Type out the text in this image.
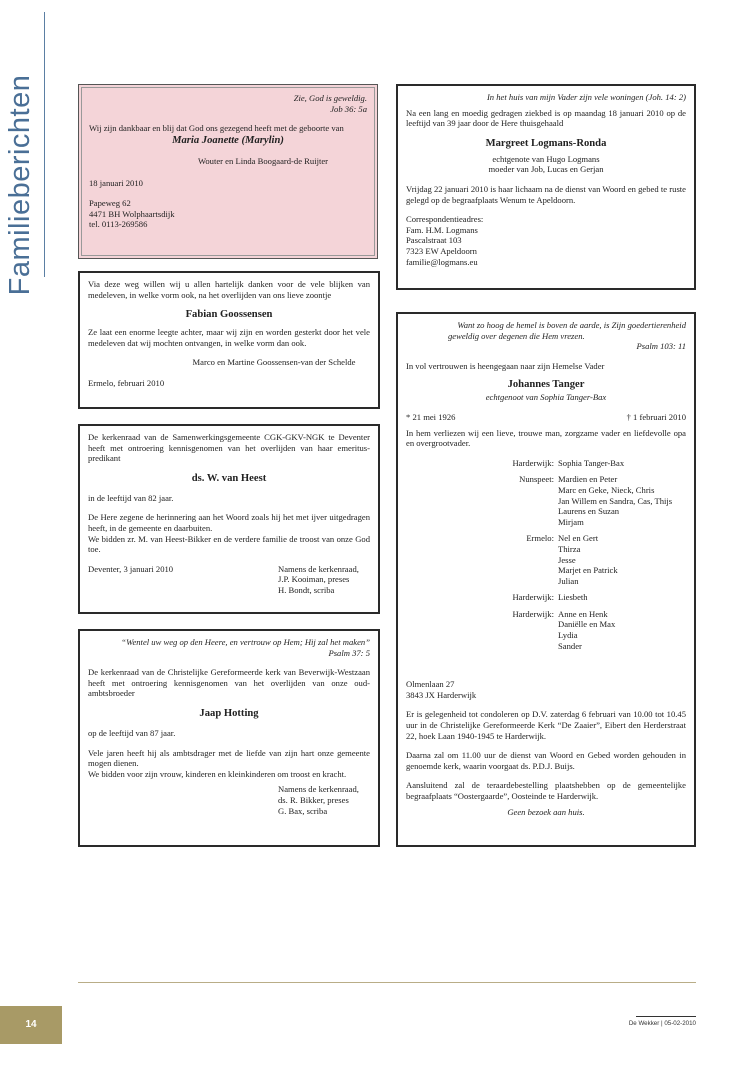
Familieberichten	Zie, God is geweldig.

Job 36: 5a

Wij zijn dankbaar en blij dat God ons gezegend heeft met de geboorte van

Maria Joanette (Marylin)

Wouter en Linda Boogaard-de Ruijter

18 januari 2010

Papeweg 62

4471 BH Wolphaartsdijk

tel. 0113-269586

Via deze weg willen wij u allen hartelijk danken voor de vele blijken van medeleven, in welke vorm ook, na het overlijden van ons lieve zoontje

Fabian Goossensen

Ze laat een enorme leegte achter, maar wij zijn en worden gesterkt door het vele medeleven dat wij mochten ontvangen, in welke vorm dan ook.

Marco en Martine Goossensen-van der Schelde

Ermelo, februari 2010

De kerkenraad van de Samenwerkingsgemeente CGK-GKV-NGK te Deventer heeft met ontroering kennisgenomen van het overlijden van haar emerituspredikant

ds. W. van Heest

in de leeftijd van 82 jaar.

De Here zegene de herinnering aan het Woord zoals hij het met ijver uitgedragen heeft, in de gemeente en daarbuiten.

We bidden zr. M. van Heest-Bikker en de verdere familie de troost van onze God toe.

Deventer, 3 januari 2010	Namens de kerkenraad,

J.P. Kooiman, preses

H. Bondt, scriba

“Wentel uw weg op den Heere, en vertrouw op Hem; Hij zal het maken”

Psalm 37: 5

De kerkenraad van de Christelijke Gereformeerde kerk van Beverwijk-Westzaan heeft met ontroering kennisgenomen van het overlijden van onze oud-ambtsbroeder

Jaap Hotting

op de leeftijd van 87 jaar.

Vele jaren heeft hij als ambtsdrager met de liefde van zijn hart onze gemeente mogen dienen.

We bidden voor zijn vrouw, kinderen en kleinkinderen om troost en kracht.

Namens de kerkenraad,

ds. R. Bikker, preses

G. Bax, scriba

In het huis van mijn Vader zijn vele woningen (Joh. 14: 2)

Na een lang en moedig gedragen ziekbed is op maandag 18 januari 2010 op de leeftijd van 39 jaar door de Here thuisgehaald

Margreet Logmans-Ronda

echtgenote van Hugo Logmans

moeder van Job, Lucas en Gerjan

Vrijdag 22 januari 2010 is haar lichaam na de dienst van Woord en gebed te ruste gelegd op de begraafplaats Wenum te Apeldoorn.

Correspondentieadres:

Fam. H.M. Logmans

Pascalstraat 103

7323 EW Apeldoorn

familie@logmans.eu

Want zo hoog de hemel is boven de aarde, is Zijn goedertierenheid

geweldig over degenen die Hem vrezen.

Psalm 103: 11

In vol vertrouwen is heengegaan naar zijn Hemelse Vader

Johannes Tanger

echtgenoot van Sophia Tanger-Bax

* 21 mei 1926	† 1 februari 2010

In hem verliezen wij een lieve, trouwe man, zorgzame vader en liefdevolle opa en overgrootvader.

Harderwijk: Sophia Tanger-Bax
Nunspeet: Mardien en Peter
Marc en Geke, Nieck, Chris
Jan Willem en Sandra, Cas, Thijs
Laurens en Suzan
Mirjam
Ermelo: Nel en Gert
Thirza
Jesse
Marjet en Patrick
Julian
Harderwijk: Liesbeth
Harderwijk: Anne en Henk
Daniëlle en Max
Lydia
Sander

Olmenlaan 27

3843 JX Harderwijk

Er is gelegenheid tot condoleren op D.V. zaterdag 6 februari van 10.00 tot 10.45 uur in de Christelijke Gereformeerde Kerk “De Zaaier”, Eibert den Herderstraat 22, hoek Laan 1940-1945 te Harderwijk.

Daarna zal om 11.00 uur de dienst van Woord en Gebed worden gehouden in genoemde kerk, waarin voorgaat ds. P.D.J. Buijs.

Aansluitend zal de teraardebestelling plaatshebben op de gemeentelijke begraafplaats “Oostergaarde”, Oosteinde te Harderwijk.

Geen bezoek aan huis.

14	De Wekker | 05-02-2010
